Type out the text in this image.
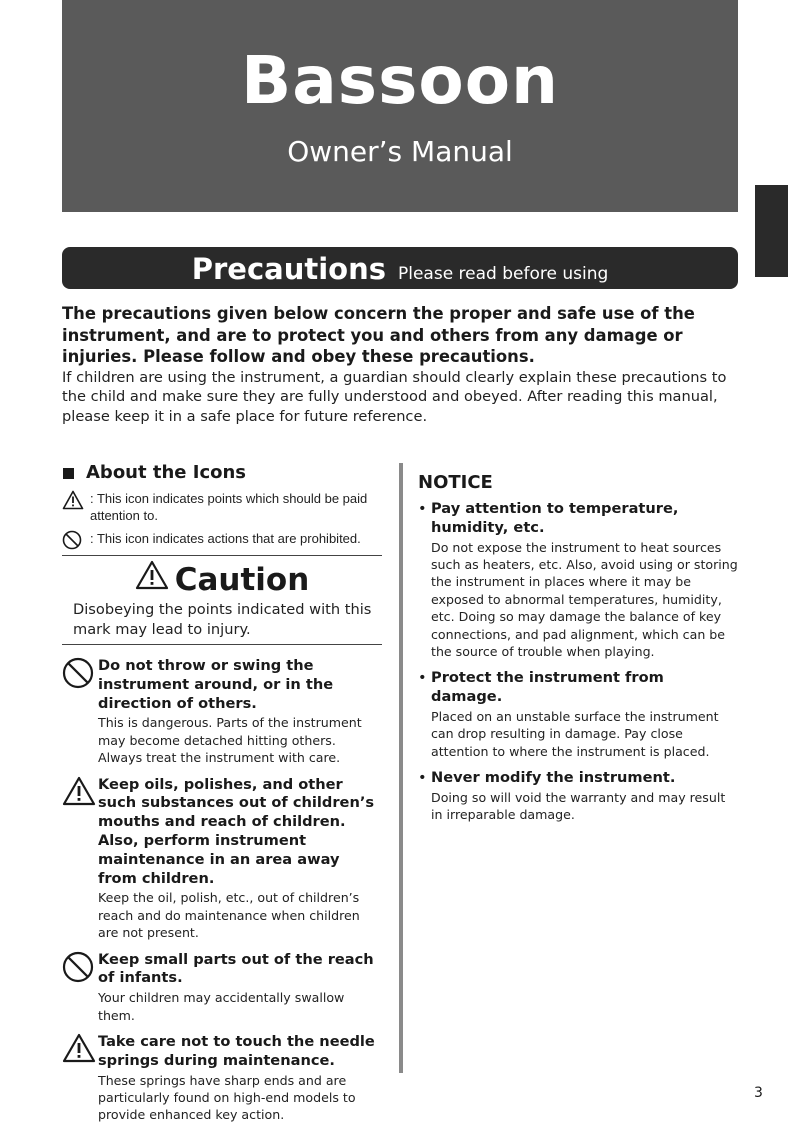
Bassoon
Owner’s Manual
Precautions Please read before using

The precautions given below concern the proper and safe use of the instrument, and are to protect you and others from any damage or injuries. Please follow and obey these precautions.

If children are using the instrument, a guardian should clearly explain these precautions to the child and make sure they are fully understood and obeyed. After reading this manual, please keep it in a safe place for future reference.

About the Icons
: This icon indicates points which should be paid attention to.
: This icon indicates actions that are prohibited.
Caution
Disobeying the points indicated with this mark may lead to injury.

Do not throw or swing the instrument around, or in the direction of others.

This is dangerous. Parts of the instrument may become detached hitting others. Always treat the instrument with care.

Keep oils, polishes, and other such substances out of children’s mouths and reach of children. Also, perform instrument maintenance in an area away from children.

Keep the oil, polish, etc., out of children’s reach and do maintenance when children are not present.

Keep small parts out of the reach of infants.

Your children may accidentally swallow them.

Take care not to touch the needle springs during maintenance.

These springs have sharp ends and are particularly found on high-end models to provide enhanced key action.

NOTICE

• Pay attention to temperature, humidity, etc.

Do not expose the instrument to heat sources such as heaters, etc. Also, avoid using or storing the instrument in places where it may be exposed to abnormal temperatures, humidity, etc. Doing so may damage the balance of key connections, and pad alignment, which can be the source of trouble when playing.

• Protect the instrument from damage.

Placed on an unstable surface the instrument can drop resulting in damage. Pay close attention to where the instrument is placed.

• Never modify the instrument.

Doing so will void the warranty and may result in irreparable damage.

3
